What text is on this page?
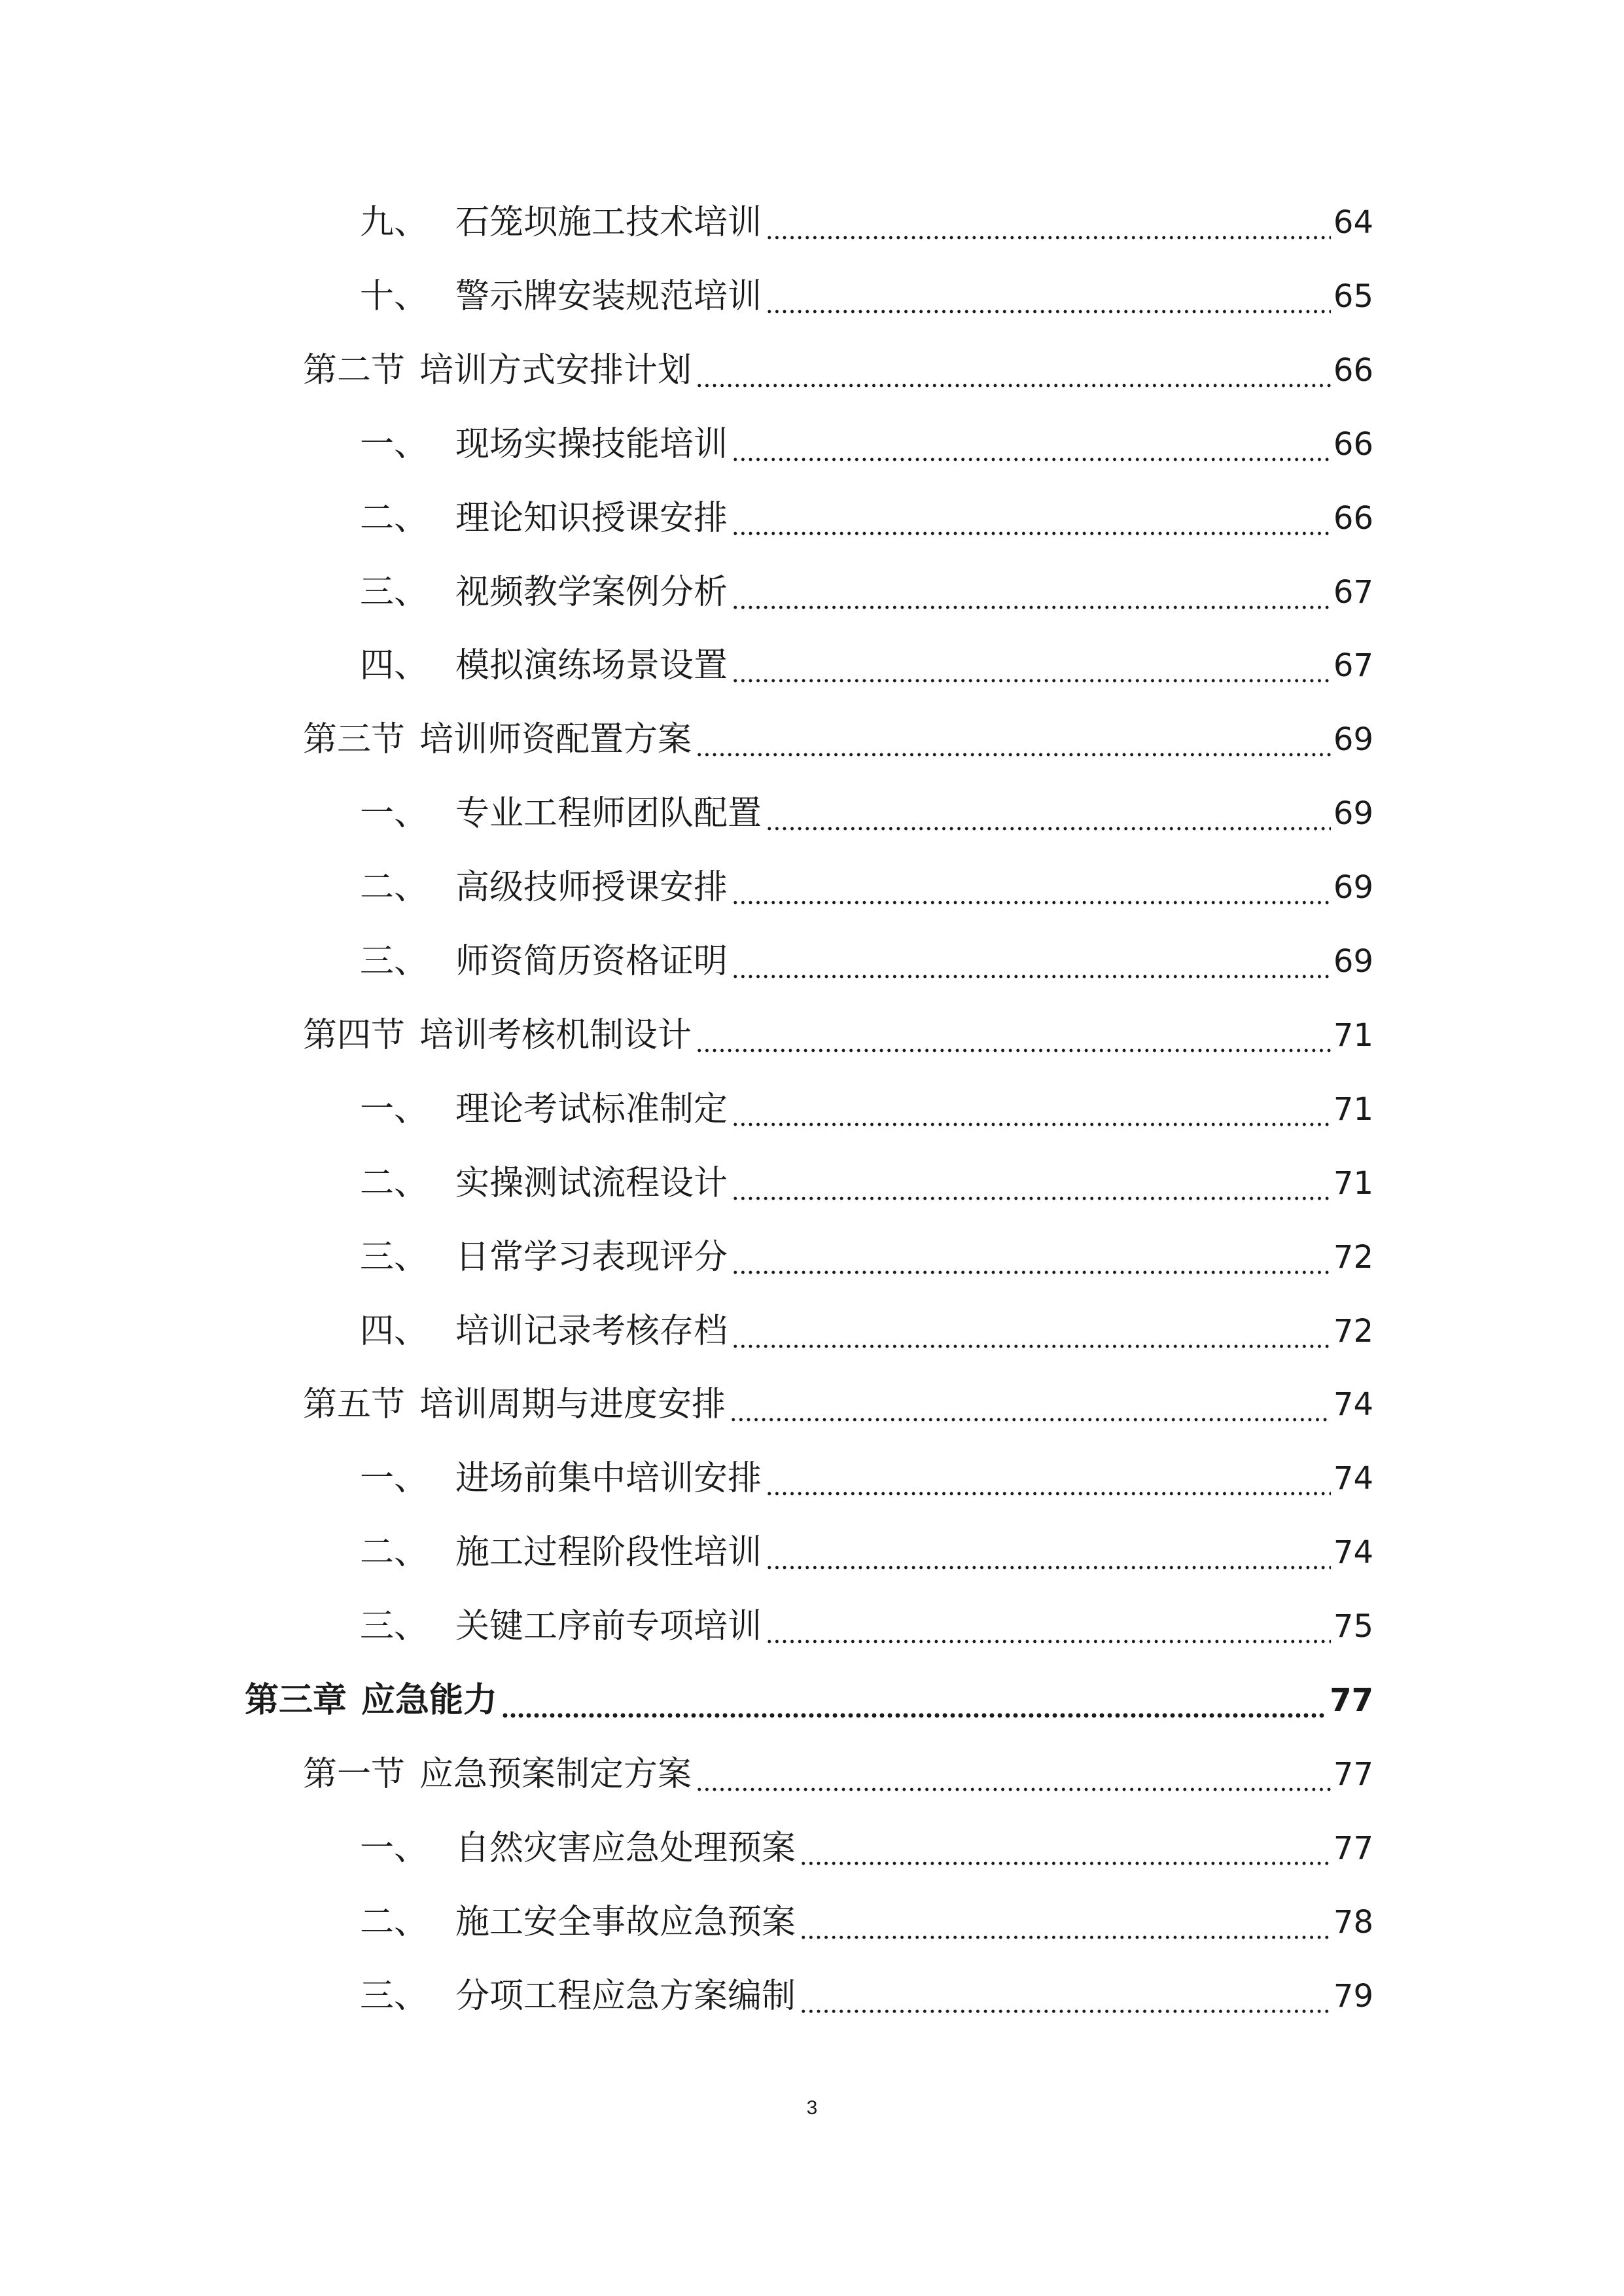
九、 石笼坝施工技术培训	64
十、 警示牌安装规范培训	65
第二节 培训方式安排计划	66
一、 现场实操技能培训	66
二、 理论知识授课安排	66
三、 视频教学案例分析	67
四、 模拟演练场景设置	67
第三节 培训师资配置方案	69
一、 专业工程师团队配置	69
二、 高级技师授课安排	69
三、 师资简历资格证明	69
第四节 培训考核机制设计	71
一、 理论考试标准制定	71
二、 实操测试流程设计	71
三、 日常学习表现评分	72
四、 培训记录考核存档	72
第五节 培训周期与进度安排	74
一、 进场前集中培训安排	74
二、 施工过程阶段性培训	74
三、 关键工序前专项培训	75
第三章 应急能力	77
第一节 应急预案制定方案	77
一、 自然灾害应急处理预案	77
二、 施工安全事故应急预案	78
三、 分项工程应急方案编制	79
3
